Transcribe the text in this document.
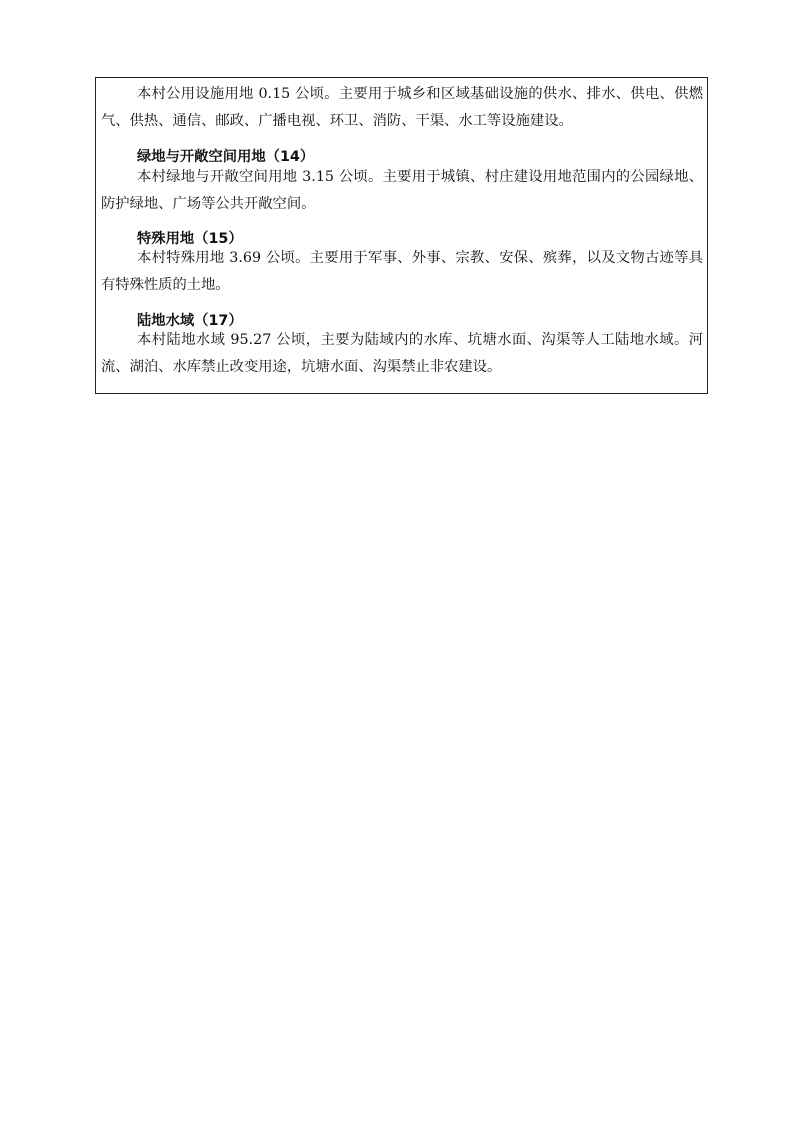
本村公用设施用地 0.15 公顷。主要用于城乡和区域基础设施的供水、排水、供电、供燃气、供热、通信、邮政、广播电视、环卫、消防、干渠、水工等设施建设。

绿地与开敞空间用地（14）

本村绿地与开敞空间用地 3.15 公顷。主要用于城镇、村庄建设用地范围内的公园绿地、防护绿地、广场等公共开敞空间。

特殊用地（15）

本村特殊用地 3.69 公顷。主要用于军事、外事、宗教、安保、殡葬，以及文物古迹等具有特殊性质的土地。

陆地水域（17）

本村陆地水域 95.27 公顷，主要为陆域内的水库、坑塘水面、沟渠等人工陆地水域。河流、湖泊、水库禁止改变用途，坑塘水面、沟渠禁止非农建设。
